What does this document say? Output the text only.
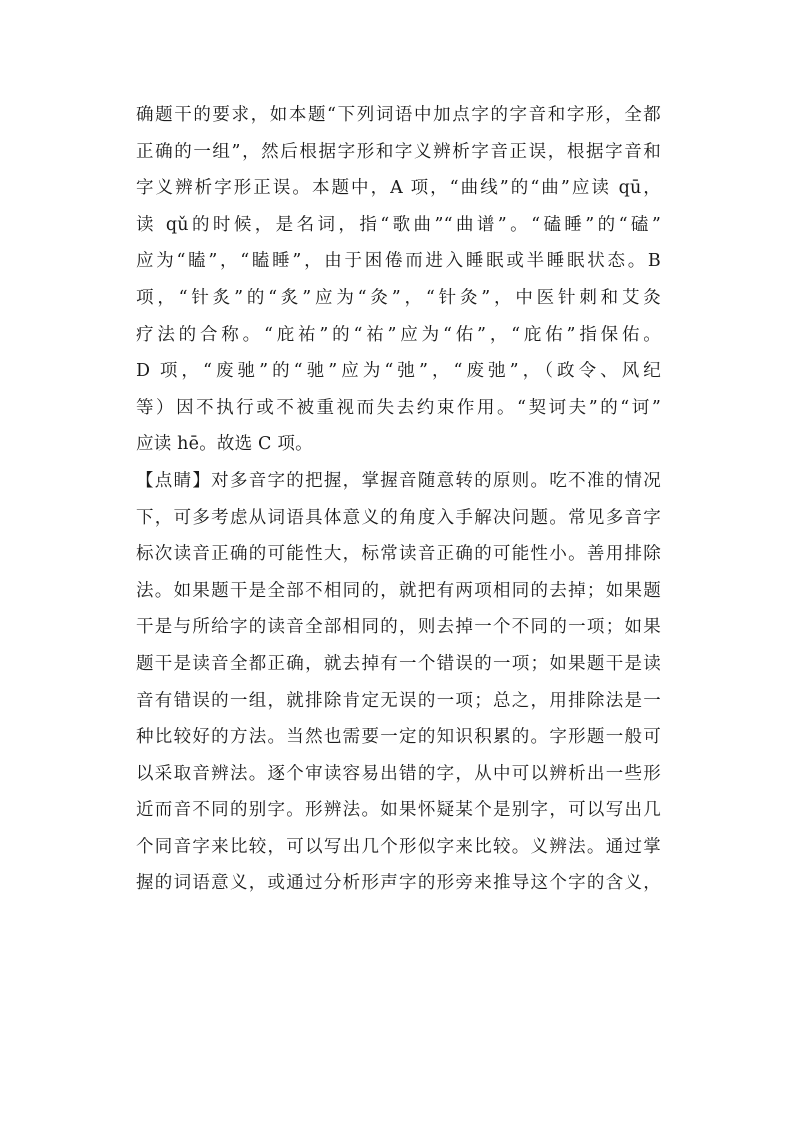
确题干的要求，如本题“下列词语中加点字的字音和字形，全都
正确的一组”，然后根据字形和字义辨析字音正误，根据字音和
字义辨析字形正误。本题中，A 项，“曲线”的“曲”应读 qū，
读 qǔ的时候，是名词，指“歌曲”“曲谱”。“磕睡”的“磕”
应为“瞌”，“瞌睡”，由于困倦而进入睡眠或半睡眠状态。B
项，“针炙”的“炙”应为“灸”，“针灸”，中医针刺和艾灸
疗法的合称。“庇祐”的“祐”应为“佑”，“庇佑”指保佑。
D 项，“废驰”的“驰”应为“弛”，“废弛”，（政令、风纪
等）因不执行或不被重视而失去约束作用。“契诃夫”的“诃”
应读 hē。故选 C 项。
【点睛】对多音字的把握，掌握音随意转的原则。吃不准的情况
下，可多考虑从词语具体意义的角度入手解决问题。常见多音字
标次读音正确的可能性大，标常读音正确的可能性小。善用排除
法。如果题干是全部不相同的，就把有两项相同的去掉；如果题
干是与所给字的读音全部相同的，则去掉一个不同的一项；如果
题干是读音全都正确，就去掉有一个错误的一项；如果题干是读
音有错误的一组，就排除肯定无误的一项；总之，用排除法是一
种比较好的方法。当然也需要一定的知识积累的。字形题一般可
以采取音辨法。逐个审读容易出错的字，从中可以辨析出一些形
近而音不同的别字。形辨法。如果怀疑某个是别字，可以写出几
个同音字来比较，可以写出几个形似字来比较。义辨法。通过掌
握的词语意义，或通过分析形声字的形旁来推导这个字的含义，
